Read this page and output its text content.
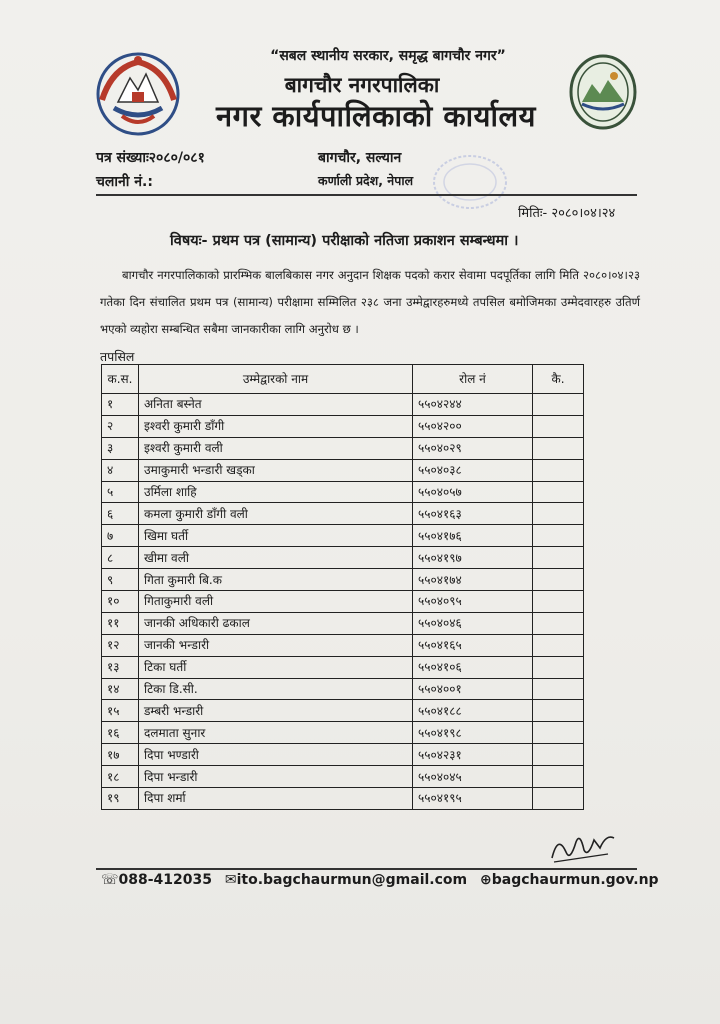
“सबल स्थानीय सरकार, समृद्ध बागचौर नगर”
बागचौर नगरपालिका
नगर कार्यपालिकाको कार्यालय
पत्र संख्याः२०८०/०८१
चलानी नं.:
बागचौर, सल्यान
कर्णाली प्रदेश, नेपाल
मितिः- २०८०।०४।२४
विषयः- प्रथम पत्र (सामान्य) परीक्षाको नतिजा प्रकाशन सम्बन्धमा ।

बागचौर नगरपालिकाको प्रारम्भिक बालबिकास नगर अनुदान शिक्षक पदको करार सेवामा पदपूर्तिका लागि मिति २०८०।०४।२३ गतेका दिन संचालित प्रथम पत्र (सामान्य) परीक्षामा सम्मिलित २३८ जना उम्मेद्वारहरुमध्ये तपसिल बमोजिमका उम्मेदवारहरु उतिर्ण भएको व्यहोरा सम्बन्धित सबैमा जानकारीका लागि अनुरोध छ ।

तपसिल
क.स.	उम्मेद्वारको नाम	रोल नं	कै.
१	अनिता बस्नेत	५५०४२४४	
२	इश्वरी कुमारी डाँगी	५५०४२००	
३	इश्वरी कुमारी वली	५५०४०२९	
४	उमाकुमारी भन्डारी खड्का	५५०४०३८	
५	उर्मिला शाहि	५५०४०५७	
६	कमला कुमारी डाँगी वली	५५०४१६३	
७	खिमा घर्ती	५५०४१७६	
८	खीमा वली	५५०४१९७	
९	गिता कुमारी बि.क	५५०४१७४	
१०	गिताकुमारी वली	५५०४०९५	
११	जानकी अधिकारी ढकाल	५५०४०४६	
१२	जानकी भन्डारी	५५०४१६५	
१३	टिका घर्ती	५५०४१०६	
१४	टिका डि.सी.	५५०४००१	
१५	डम्बरी भन्डारी	५५०४१८८	
१६	दलमाता सुनार	५५०४१९८	
१७	दिपा भण्डारी	५५०४२३१	
१८	दिपा भन्डारी	५५०४०४५	
१९	दिपा शर्मा	५५०४१९५	
☏088-412035 ✉ito.bagchaurmun@gmail.com ⊕bagchaurmun.gov.np
